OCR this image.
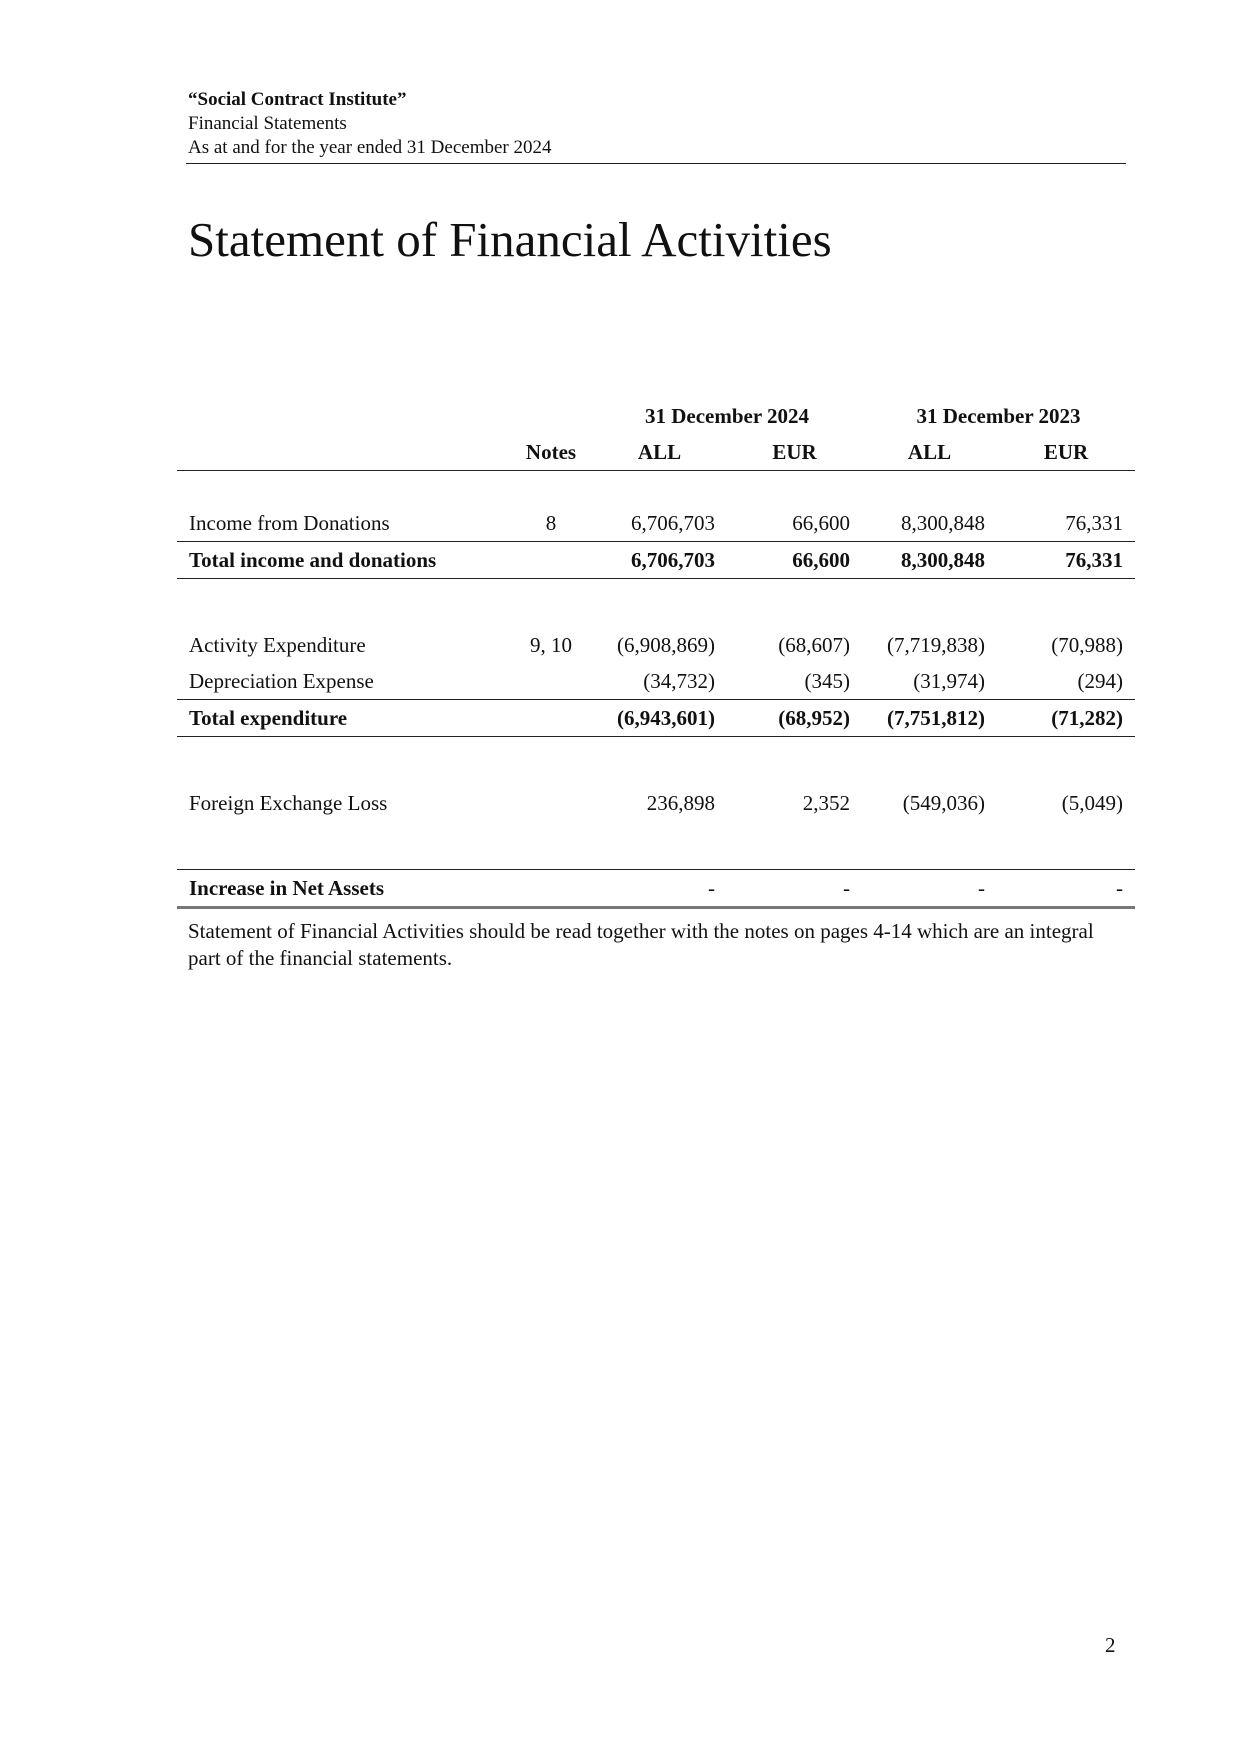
“Social Contract Institute”
Financial Statements
As at and for the year ended 31 December 2024
Statement of Financial Activities
		31 December 2024		31 December 2023	
	Notes	ALL	EUR	ALL	EUR

Income from Donations	8	6,706,703	66,600	8,300,848	76,331
Total income and donations		6,706,703	66,600	8,300,848	76,331

Activity Expenditure	9, 10	(6,908,869)	(68,607)	(7,719,838)	(70,988)
Depreciation Expense		(34,732)	(345)	(31,974)	(294)
Total expenditure		(6,943,601)	(68,952)	(7,751,812)	(71,282)

Foreign Exchange Loss		236,898	2,352	(549,036)	(5,049)

Increase in Net Assets		-	-	-	-
Statement of Financial Activities should be read together with the notes on pages 4-14 which are an integral part of the financial statements.
2
